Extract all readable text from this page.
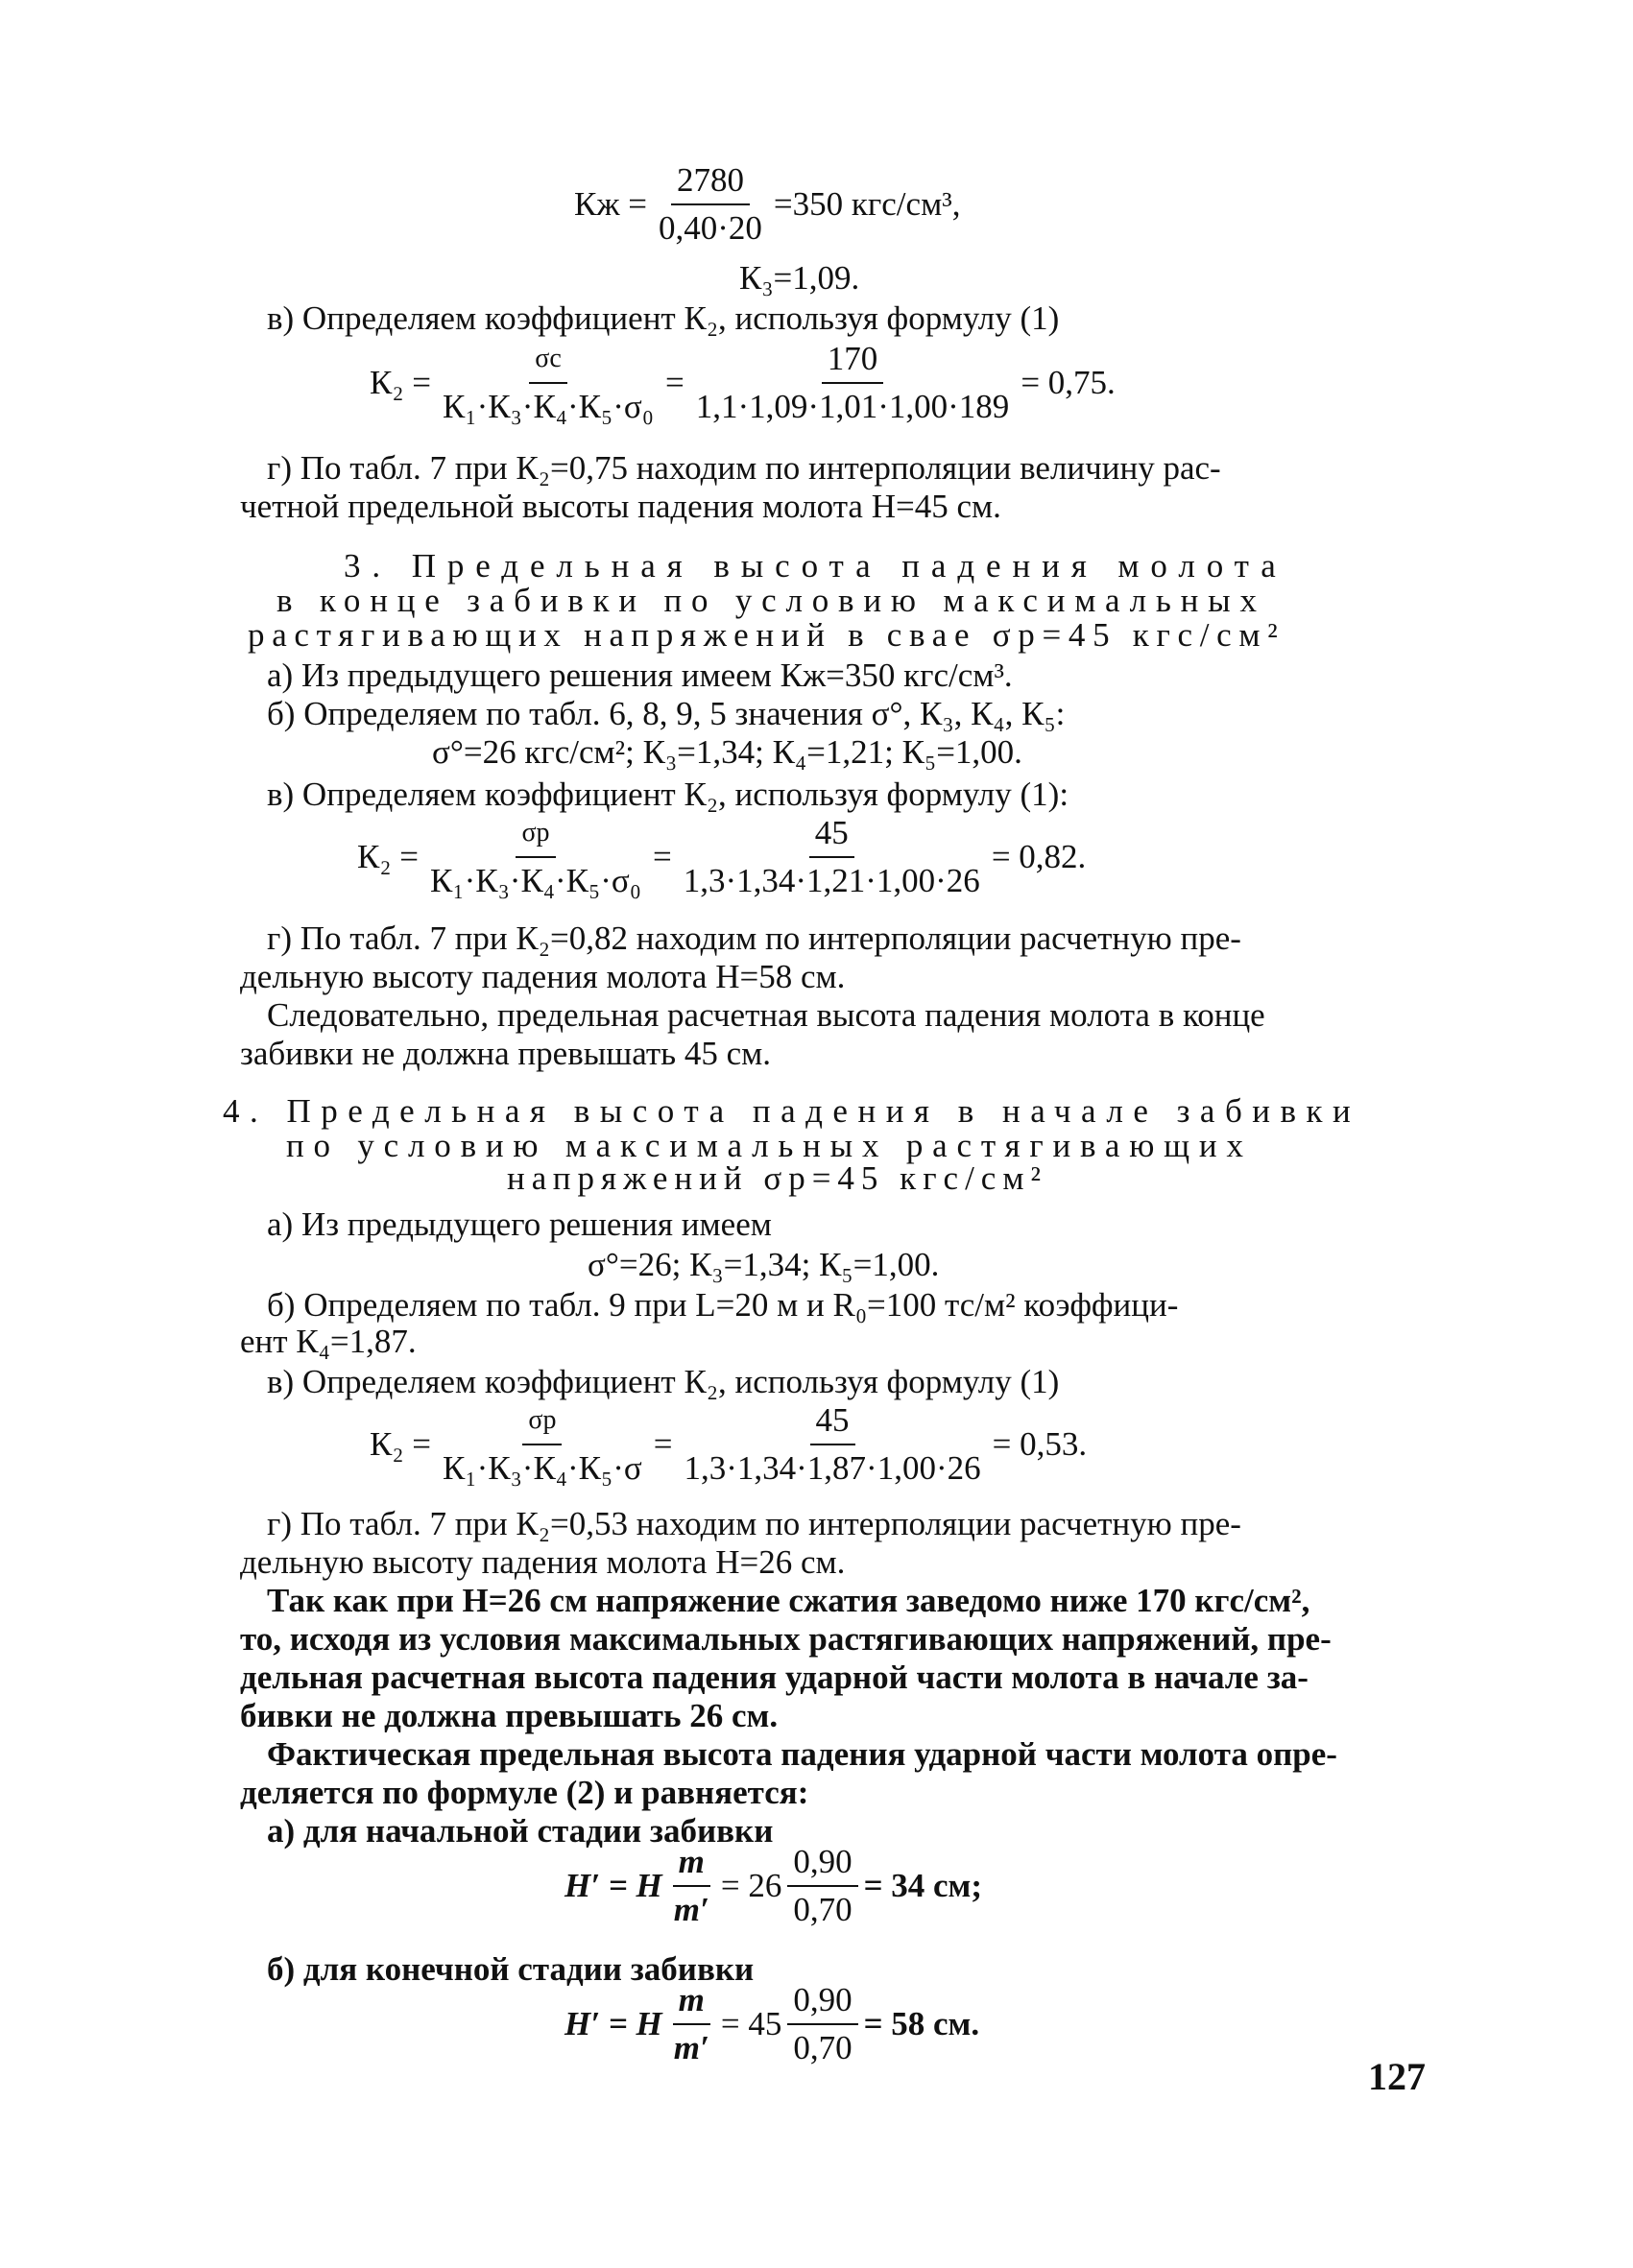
Кж = $\frac{2780}{0,40\cdot 20} =350$ кгс/см³,
К₃=1,09.
в) Определяем коэффициент К₂, используя формулу (1)
$К_2 = \frac{\sigma с}{\text{К₁·К₃·К₄·К₅·σ₀}} = \frac{170}{1,1\cdot 1,09\cdot 1,01\cdot 1,00\cdot 189} = 0,75$.
г) По табл. 7 при К₂=0,75 находим по интерполяции величину рас-
четной предельной высоты падения молота H=45 см.
3. Предельная высота падения молота
в конце забивки по условию максимальных
растягивающих напряжений в свае σр=45 кгс/см²
а) Из предыдущего решения имеем Кж=350 кгс/см³.
б) Определяем по табл. 6, 8, 9, 5 значения σ°, К₃, К₄, К₅:
σ°=26 кгс/см²; К₃=1,34; К₄=1,21; К₅=1,00.
в) Определяем коэффициент К₂, используя формулу (1):
$К_2 = \frac{\sigma р}{\text{К₁·К₃·К₄·К₅·σ₀}} = \frac{45}{1,3\cdot 1,34\cdot 1,21\cdot 1,00\cdot 26} = 0,82$.
г) По табл. 7 при К₂=0,82 находим по интерполяции расчетную пре-
дельную высоту падения молота H=58 см.
Следовательно, предельная расчетная высота падения молота в конце
забивки не должна превышать 45 см.
4. Предельная высота падения в начале забивки
по условию максимальных растягивающих
напряжений σр=45 кгс/см²
а) Из предыдущего решения имеем
σ°=26; К₃=1,34; К₅=1,00.
б) Определяем по табл. 9 при L=20 м и R₀=100 тс/м² коэффици-
ент К₄=1,87.
в) Определяем коэффициент К₂, используя формулу (1)
$К_2 = \frac{\sigma р}{\text{К₁·К₃·К₄·К₅·σ}} = \frac{45}{1,3\cdot 1,34\cdot 1,87\cdot 1,00\cdot 26} = 0,53$.
г) По табл. 7 при К₂=0,53 находим по интерполяции расчетную пре-
дельную высоту падения молота H=26 см.
Так как при H=26 см напряжение сжатия заведомо ниже 170 кгс/см²,
то, исходя из условия максимальных растягивающих напряжений, пре-
дельная расчетная высота падения ударной части молота в начале за-
бивки не должна превышать 26 см.
Фактическая предельная высота падения ударной части молота опре-
деляется по формуле (2) и равняется:
а) для начальной стадии забивки
H′ = H $\frac{m}{m'} = 26 \frac{0,90}{0,70} = 34$ см;
б) для конечной стадии забивки
H′ = H $\frac{m}{m'} = 45 \frac{0,90}{0,70} = 58$ см.
127
